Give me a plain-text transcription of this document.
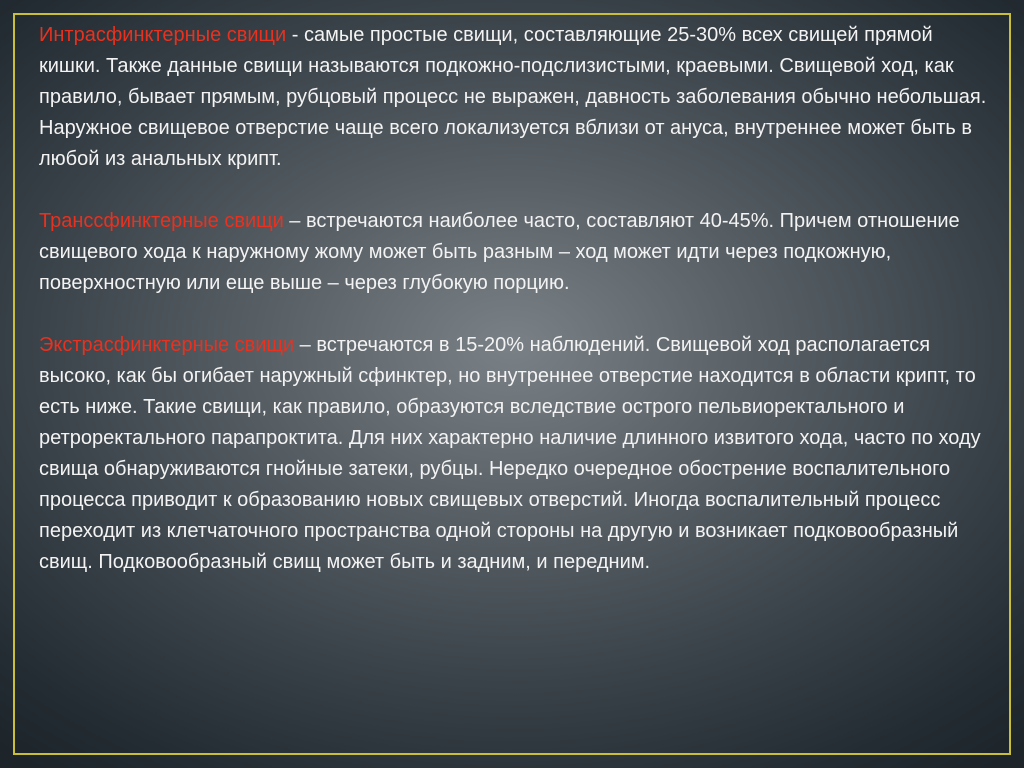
Интрасфинктерные свищи - самые простые свищи, составляющие 25-30% всех свищей прямой кишки. Также данные свищи называются подкожно-подслизистыми, краевыми. Свищевой ход, как правило, бывает прямым, рубцовый процесс не выражен, давность заболевания обычно небольшая. Наружное свищевое отверстие чаще всего локализуется вблизи от ануса, внутреннее может быть в любой из анальных крипт.

Транссфинктерные свищи – встречаются наиболее часто, составляют 40-45%. Причем отношение свищевого хода к наружному жому может быть разным – ход может идти через подкожную, поверхностную или еще выше – через глубокую порцию.

Экстрасфинктерные свищи – встречаются в 15-20% наблюдений. Свищевой ход располагается высоко, как бы огибает наружный сфинктер, но внутреннее отверстие находится в области крипт, то есть ниже. Такие свищи, как правило, образуются вследствие острого пельвиоректального и ретроректального парапроктита. Для них характерно наличие длинного извитого хода, часто по ходу свища обнаруживаются гнойные затеки, рубцы. Нередко очередное обострение воспалительного процесса приводит к образованию новых свищевых отверстий. Иногда воспалительный процесс переходит из клетчаточного пространства одной стороны на другую и возникает подковообразный свищ. Подковообразный свищ может быть и задним, и передним.
